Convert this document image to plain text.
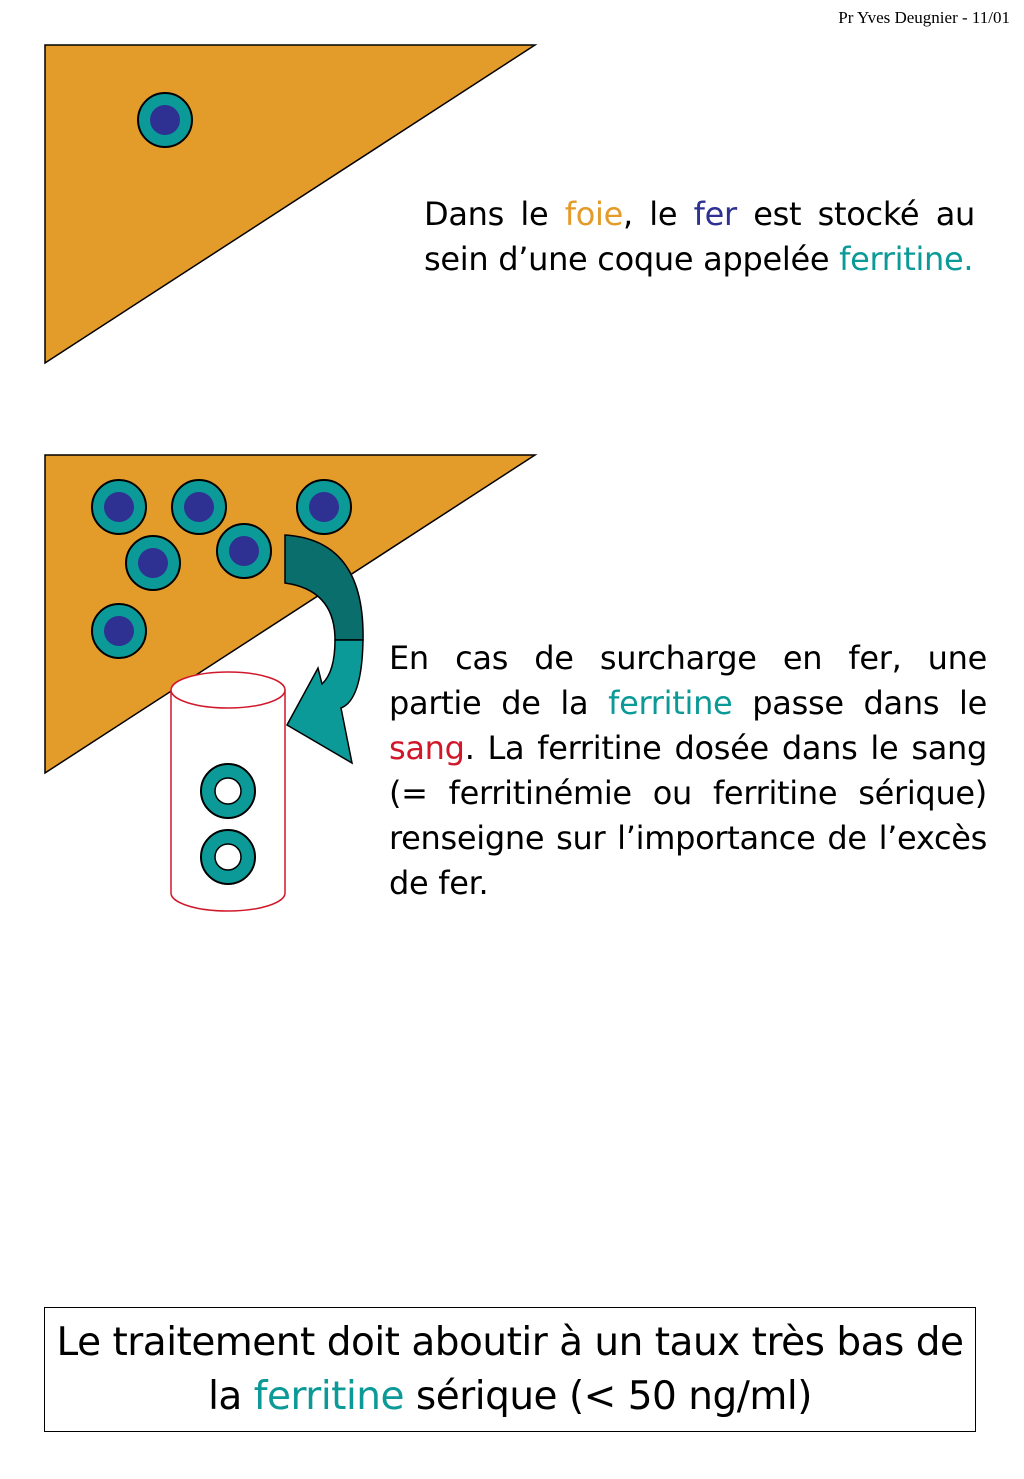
Pr Yves Deugnier - 11/01

Dans le foie, le fer est stocké au sein d’une coque appelée ferritine.

En cas de surcharge en fer, une partie de la ferritine passe dans le sang. La ferritine dosée dans le sang (= ferritinémie ou ferritine sérique) renseigne sur l’importance de l’excès de fer.

Le traitement doit aboutir à un taux très bas de la ferritine sérique (< 50 ng/ml)
